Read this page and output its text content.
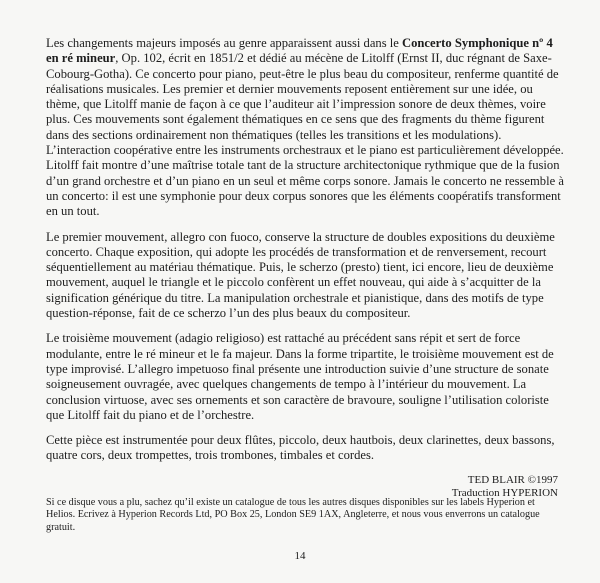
Les changements majeurs imposés au genre apparaissent aussi dans le Concerto Symphonique nº 4 en ré mineur, Op. 102, écrit en 1851/2 et dédié au mécène de Litolff (Ernst II, duc régnant de Saxe-Cobourg-Gotha). Ce concerto pour piano, peut-être le plus beau du compositeur, renferme quantité de réalisations musicales. Les premier et dernier mouvements reposent entièrement sur une idée, ou thème, que Litolff manie de façon à ce que l’auditeur ait l’impression sonore de deux thèmes, voire plus. Ces mouvements sont également thématiques en ce sens que des fragments du thème figurent dans des sections ordinairement non thématiques (telles les transitions et les modulations). L’interaction coopérative entre les instruments orchestraux et le piano est particulièrement développée. Litolff fait montre d’une maîtrise totale tant de la structure architectonique rythmique que de la fusion d’un grand orchestre et d’un piano en un seul et même corps sonore. Jamais le concerto ne ressemble à un concerto: il est une symphonie pour deux corpus sonores que les éléments coopératifs transforment en un tout.

Le premier mouvement, allegro con fuoco, conserve la structure de doubles expositions du deuxième concerto. Chaque exposition, qui adopte les procédés de transformation et de renversement, recourt séquentiellement au matériau thématique. Puis, le scherzo (presto) tient, ici encore, lieu de deuxième mouvement, auquel le triangle et le piccolo confèrent un effet nouveau, qui aide à s’acquitter de la signification générique du titre. La manipulation orchestrale et pianistique, dans des motifs de type question-réponse, fait de ce scherzo l’un des plus beaux du compositeur.

Le troisième mouvement (adagio religioso) est rattaché au précédent sans répit et sert de force modulante, entre le ré mineur et le fa majeur. Dans la forme tripartite, le troisième mouvement est de type improvisé. L’allegro impetuoso final présente une introduction suivie d’une structure de sonate soigneusement ouvragée, avec quelques changements de tempo à l’intérieur du mouvement. La conclusion virtuose, avec ses ornements et son caractère de bravoure, souligne l’utilisation coloriste que Litolff fait du piano et de l’orchestre.

Cette pièce est instrumentée pour deux flûtes, piccolo, deux hautbois, deux clarinettes, deux bassons, quatre cors, deux trompettes, trois trombones, timbales et cordes.

TED BLAIR ©1997
Traduction HYPERION
Si ce disque vous a plu, sachez qu’il existe un catalogue de tous les autres disques disponibles sur les labels Hyperion et Helios. Ecrivez à Hyperion Records Ltd, PO Box 25, London SE9 1AX, Angleterre, et nous vous enverrons un catalogue gratuit.
14
